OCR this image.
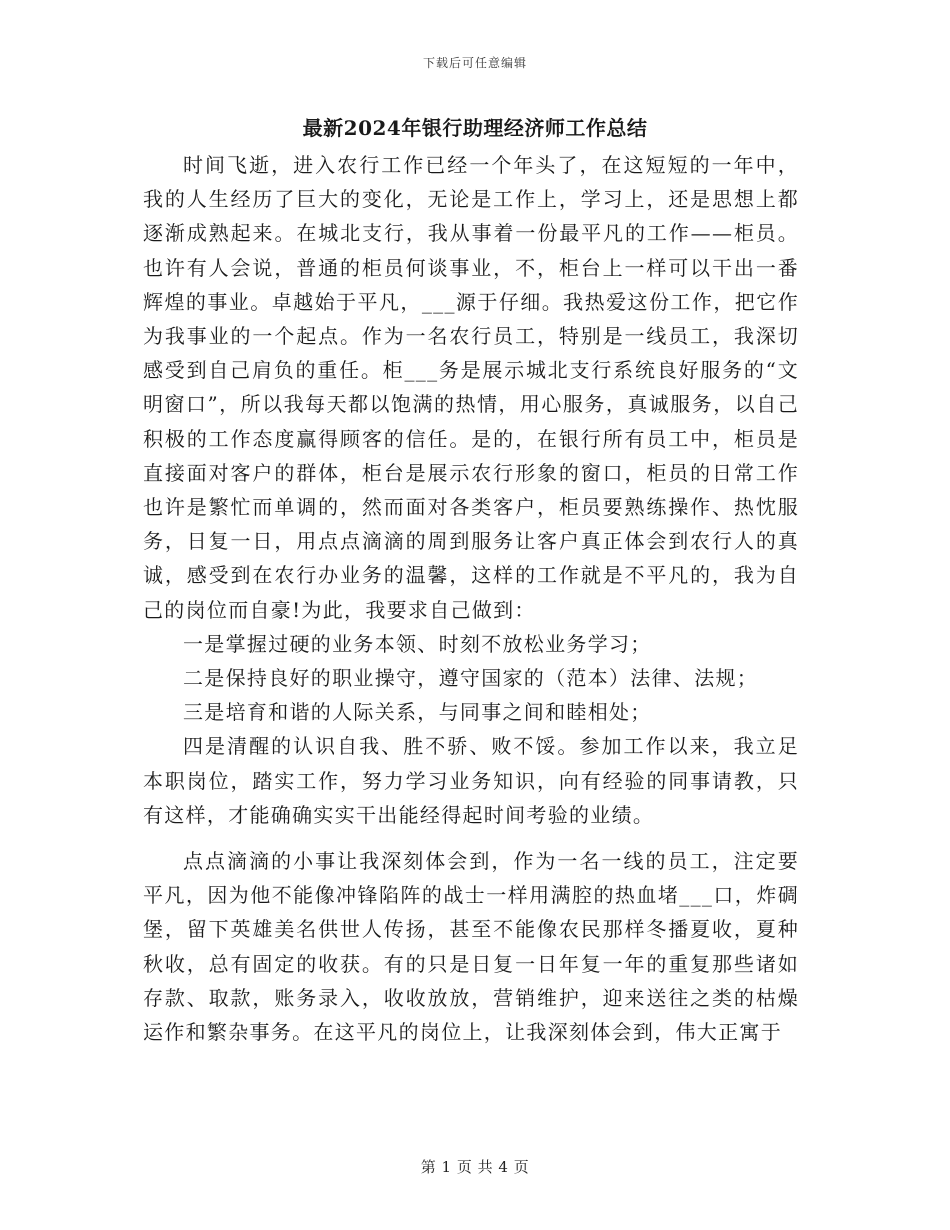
下载后可任意编辑
最新2024年银行助理经济师工作总结

时间飞逝，进入农行工作已经一个年头了，在这短短的一年中，我的人生经历了巨大的变化，无论是工作上，学习上，还是思想上都逐渐成熟起来。在城北支行，我从事着一份最平凡的工作——柜员。也许有人会说，普通的柜员何谈事业，不，柜台上一样可以干出一番辉煌的事业。卓越始于平凡，___源于仔细。我热爱这份工作，把它作为我事业的一个起点。作为一名农行员工，特别是一线员工，我深切感受到自己肩负的重任。柜___务是展示城北支行系统良好服务的“文明窗口”，所以我每天都以饱满的热情，用心服务，真诚服务，以自己积极的工作态度赢得顾客的信任。是的，在银行所有员工中，柜员是直接面对客户的群体，柜台是展示农行形象的窗口，柜员的日常工作也许是繁忙而单调的，然而面对各类客户，柜员要熟练操作、热忱服务，日复一日，用点点滴滴的周到服务让客户真正体会到农行人的真诚，感受到在农行办业务的温馨，这样的工作就是不平凡的，我为自己的岗位而自豪!为此，我要求自己做到：

一是掌握过硬的业务本领、时刻不放松业务学习；

二是保持良好的职业操守，遵守国家的（范本）法律、法规；

三是培育和谐的人际关系，与同事之间和睦相处；

四是清醒的认识自我、胜不骄、败不馁。参加工作以来，我立足本职岗位，踏实工作，努力学习业务知识，向有经验的同事请教，只有这样，才能确确实实干出能经得起时间考验的业绩。

点点滴滴的小事让我深刻体会到，作为一名一线的员工，注定要平凡，因为他不能像冲锋陷阵的战士一样用满腔的热血堵___口，炸碉堡，留下英雄美名供世人传扬，甚至不能像农民那样冬播夏收，夏种秋收，总有固定的收获。有的只是日复一日年复一年的重复那些诸如存款、取款，账务录入，收收放放，营销维护，迎来送往之类的枯燥运作和繁杂事务。在这平凡的岗位上，让我深刻体会到，伟大正寓于

第 1 页 共 4 页
